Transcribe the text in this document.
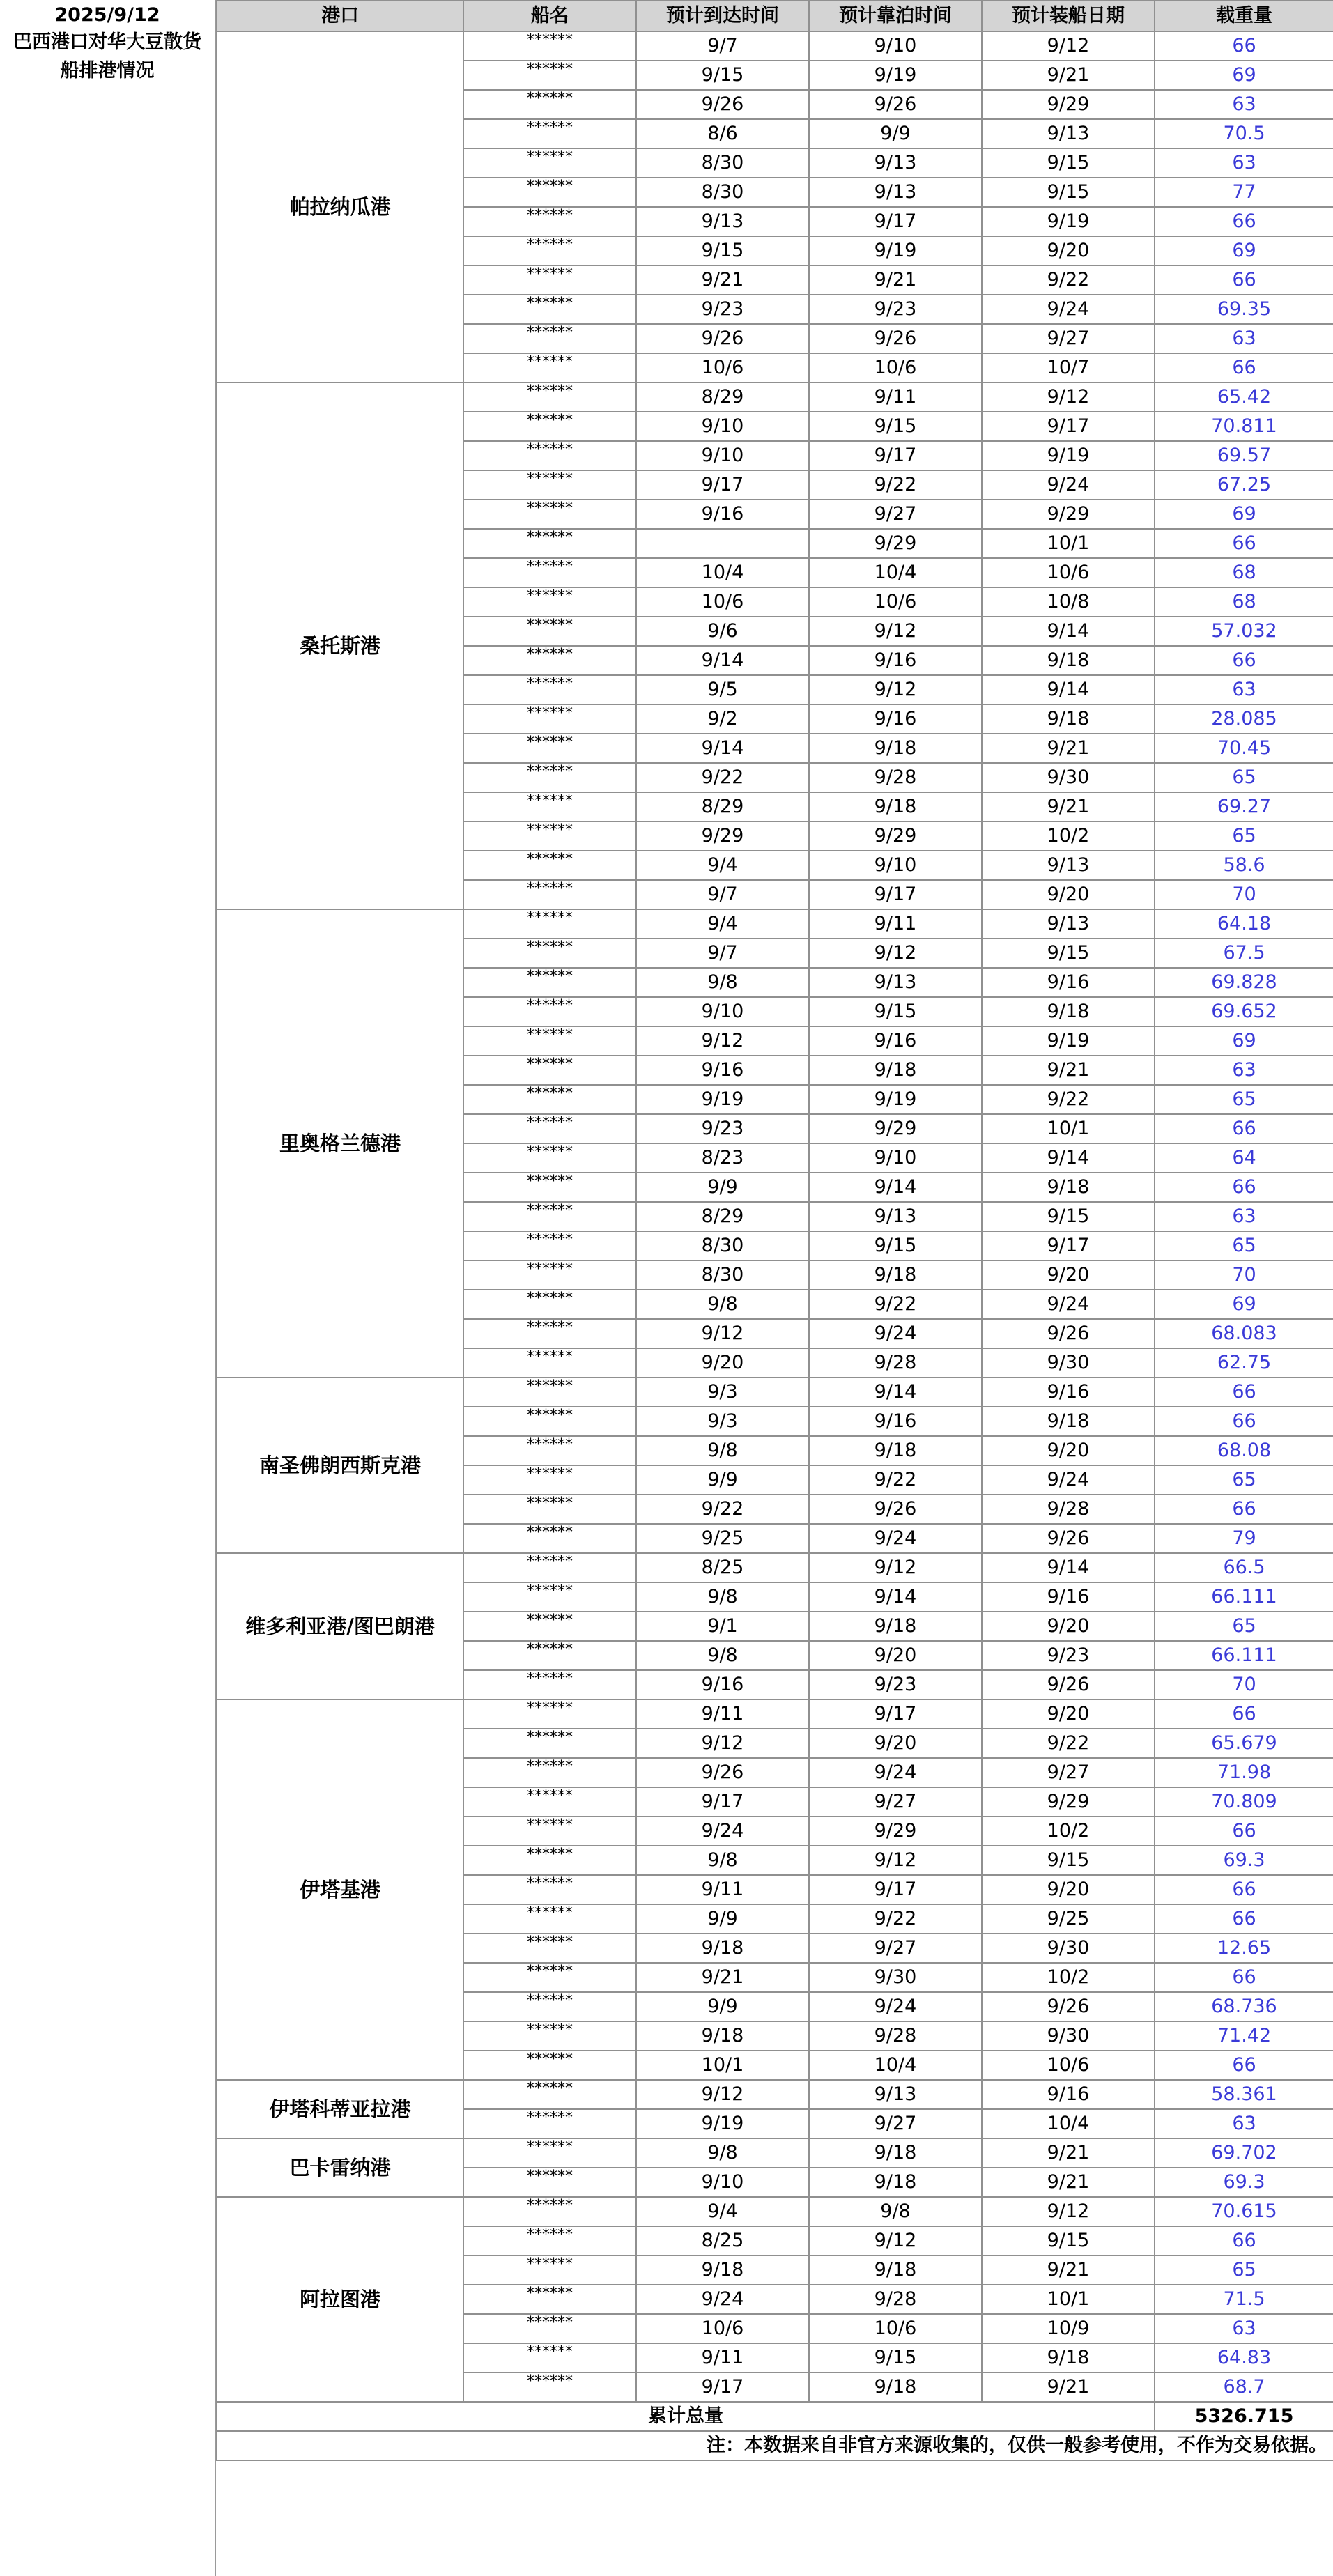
2025/9/12
巴西港口对华大豆散货船排港情况
港口	船名	预计到达时间	预计靠泊时间	预计装船日期	载重量
帕拉纳瓜港	******	9/7	9/10	9/12	66
	******	9/15	9/19	9/21	69
	******	9/26	9/26	9/29	63
	******	8/6	9/9	9/13	70.5
	******	8/30	9/13	9/15	63
	******	8/30	9/13	9/15	77
	******	9/13	9/17	9/19	66
	******	9/15	9/19	9/20	69
	******	9/21	9/21	9/22	66
	******	9/23	9/23	9/24	69.35
	******	9/26	9/26	9/27	63
	******	10/6	10/6	10/7	66
桑托斯港	******	8/29	9/11	9/12	65.42
	******	9/10	9/15	9/17	70.811
	******	9/10	9/17	9/19	69.57
	******	9/17	9/22	9/24	67.25
	******	9/16	9/27	9/29	69
	******		9/29	10/1	66
	******	10/4	10/4	10/6	68
	******	10/6	10/6	10/8	68
	******	9/6	9/12	9/14	57.032
	******	9/14	9/16	9/18	66
	******	9/5	9/12	9/14	63
	******	9/2	9/16	9/18	28.085
	******	9/14	9/18	9/21	70.45
	******	9/22	9/28	9/30	65
	******	8/29	9/18	9/21	69.27
	******	9/29	9/29	10/2	65
	******	9/4	9/10	9/13	58.6
	******	9/7	9/17	9/20	70
里奥格兰德港	******	9/4	9/11	9/13	64.18
	******	9/7	9/12	9/15	67.5
	******	9/8	9/13	9/16	69.828
	******	9/10	9/15	9/18	69.652
	******	9/12	9/16	9/19	69
	******	9/16	9/18	9/21	63
	******	9/19	9/19	9/22	65
	******	9/23	9/29	10/1	66
	******	8/23	9/10	9/14	64
	******	9/9	9/14	9/18	66
	******	8/29	9/13	9/15	63
	******	8/30	9/15	9/17	65
	******	8/30	9/18	9/20	70
	******	9/8	9/22	9/24	69
	******	9/12	9/24	9/26	68.083
	******	9/20	9/28	9/30	62.75
南圣佛朗西斯克港	******	9/3	9/14	9/16	66
	******	9/3	9/16	9/18	66
	******	9/8	9/18	9/20	68.08
	******	9/9	9/22	9/24	65
	******	9/22	9/26	9/28	66
	******	9/25	9/24	9/26	79
维多利亚港/图巴朗港	******	8/25	9/12	9/14	66.5
	******	9/8	9/14	9/16	66.111
	******	9/1	9/18	9/20	65
	******	9/8	9/20	9/23	66.111
	******	9/16	9/23	9/26	70
伊塔基港	******	9/11	9/17	9/20	66
	******	9/12	9/20	9/22	65.679
	******	9/26	9/24	9/27	71.98
	******	9/17	9/27	9/29	70.809
	******	9/24	9/29	10/2	66
	******	9/8	9/12	9/15	69.3
	******	9/11	9/17	9/20	66
	******	9/9	9/22	9/25	66
	******	9/18	9/27	9/30	12.65
	******	9/21	9/30	10/2	66
	******	9/9	9/24	9/26	68.736
	******	9/18	9/28	9/30	71.42
	******	10/1	10/4	10/6	66
伊塔科蒂亚拉港	******	9/12	9/13	9/16	58.361
	******	9/19	9/27	10/4	63
巴卡雷纳港	******	9/8	9/18	9/21	69.702
	******	9/10	9/18	9/21	69.3
阿拉图港	******	9/4	9/8	9/12	70.615
	******	8/25	9/12	9/15	66
	******	9/18	9/18	9/21	65
	******	9/24	9/28	10/1	71.5
	******	10/6	10/6	10/9	63
	******	9/11	9/15	9/18	64.83
	******	9/17	9/18	9/21	68.7
累计总量					5326.715
注：本数据来自非官方来源收集的，仅供一般参考使用，不作为交易依据。					
